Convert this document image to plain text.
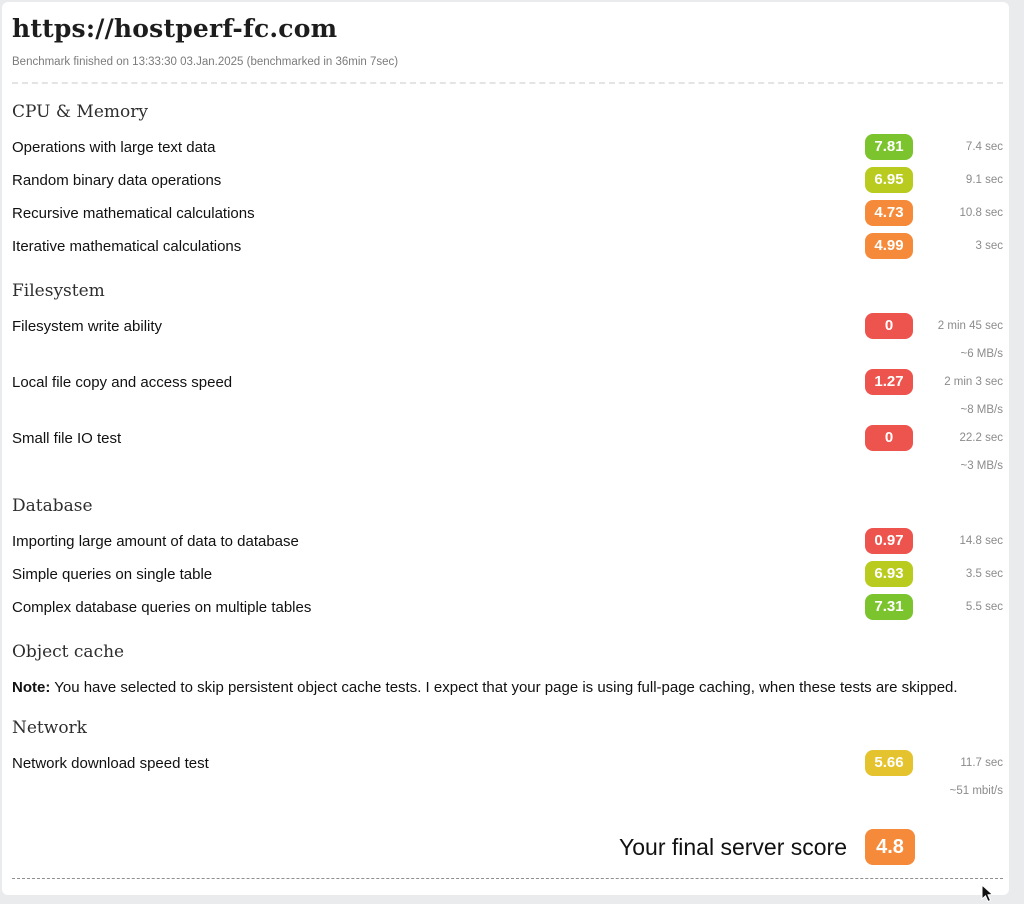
https://hostperf-fc.com
Benchmark finished on 13:33:30 03.Jan.2025 (benchmarked in 36min 7sec)
CPU & Memory
Operations with large text data	7.81	7.4 sec
Random binary data operations	6.95	9.1 sec
Recursive mathematical calculations	4.73	10.8 sec
Iterative mathematical calculations	4.99	3 sec
Filesystem
Filesystem write ability	0	2 min 45 sec
~6 MB/s
Local file copy and access speed	1.27	2 min 3 sec
~8 MB/s
Small file IO test	0	22.2 sec
~3 MB/s
Database
Importing large amount of data to database	0.97	14.8 sec
Simple queries on single table	6.93	3.5 sec
Complex database queries on multiple tables	7.31	5.5 sec
Object cache
Note: You have selected to skip persistent object cache tests. I expect that your page is using full-page caching, when these tests are skipped.
Network
Network download speed test	5.66	11.7 sec
~51 mbit/s
Your final server score	4.8
